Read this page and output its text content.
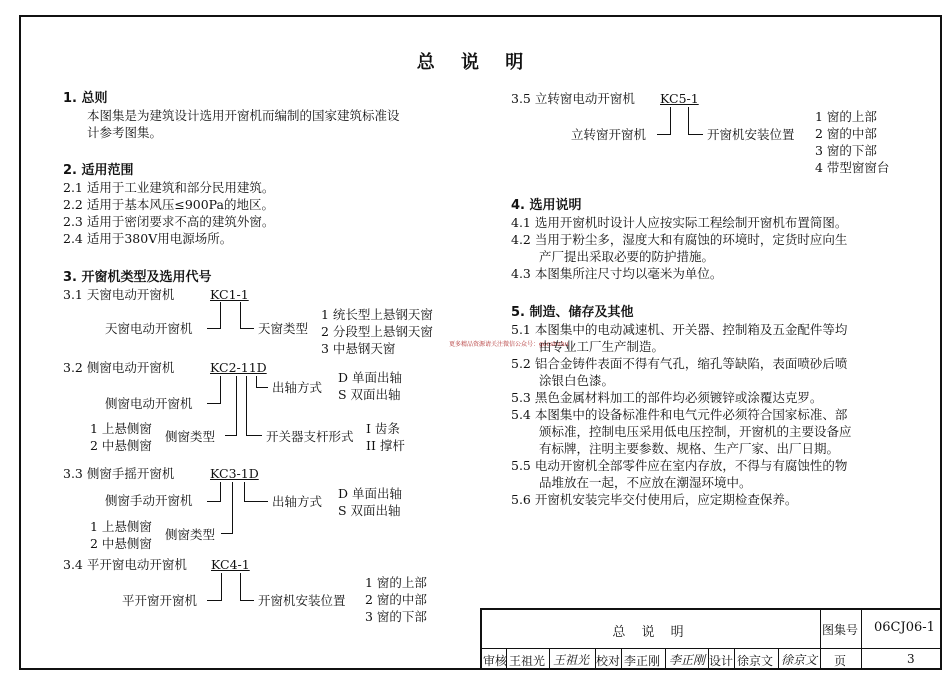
总 说 明
1. 总则
本图集是为建筑设计选用开窗机而编制的国家建筑标准设
计参考图集。
2. 适用范围
2.1 适用于工业建筑和部分民用建筑。
2.2 适用于基本风压≤900Pa的地区。
2.3 适用于密闭要求不高的建筑外窗。
2.4 适用于380V用电源场所。
3. 开窗机类型及选用代号
3.1 天窗电动开窗机	KC1-1
天窗电动开窗机	天窗类型
1 统长型上悬钢天窗
2 分段型上悬钢天窗
3 中悬钢天窗	更多精品资源请关注微信公众号：gooshuhu
3.2 侧窗电动开窗机	KC2-11D
侧窗电动开窗机
出轴方式
D 单面出轴
S 双面出轴
1 上悬侧窗
2 中悬侧窗
侧窗类型	开关器支杆形式
I 齿条
II 撑杆
3.3 侧窗手摇开窗机	KC3-1D
侧窗手动开窗机	出轴方式
D 单面出轴
S 双面出轴
1 上悬侧窗
2 中悬侧窗
侧窗类型
3.4 平开窗电动开窗机 KC4-1
平开窗开窗机	开窗机安装位置
1 窗的上部
2 窗的中部
3 窗的下部
3.5 立转窗电动开窗机 KC5-1
立转窗开窗机	开窗机安装位置
1 窗的上部
2 窗的中部
3 窗的下部
4 带型窗窗台
4. 选用说明
4.1 选用开窗机时设计人应按实际工程绘制开窗机布置简图。
4.2 当用于粉尘多，湿度大和有腐蚀的环境时，定货时应向生
产厂提出采取必要的防护措施。
4.3 本图集所注尺寸均以毫米为单位。
5. 制造、储存及其他
5.1 本图集中的电动减速机、开关器、控制箱及五金配件等均
由专业工厂生产制造。
5.2 铝合金铸件表面不得有气孔，缩孔等缺陷，表面喷砂后喷
涂银白色漆。
5.3 黑色金属材料加工的部件均必须镀锌或涂覆达克罗。
5.4 本图集中的设备标准件和电气元件必须符合国家标准、部
颁标准，控制电压采用低电压控制，开窗机的主要设备应
有标牌，注明主要参数、规格、生产厂家、出厂日期。
5.5 电动开窗机全部零件应在室内存放，不得与有腐蚀性的物
品堆放在一起，不应放在潮湿环境中。
5.6 开窗机安装完毕交付使用后，应定期检查保养。
总 说 明	图集号 06CJ06-1
审核 王祖光 王祖光 校对 李正刚 李正刚 设计 徐京文 徐京文 页	3
